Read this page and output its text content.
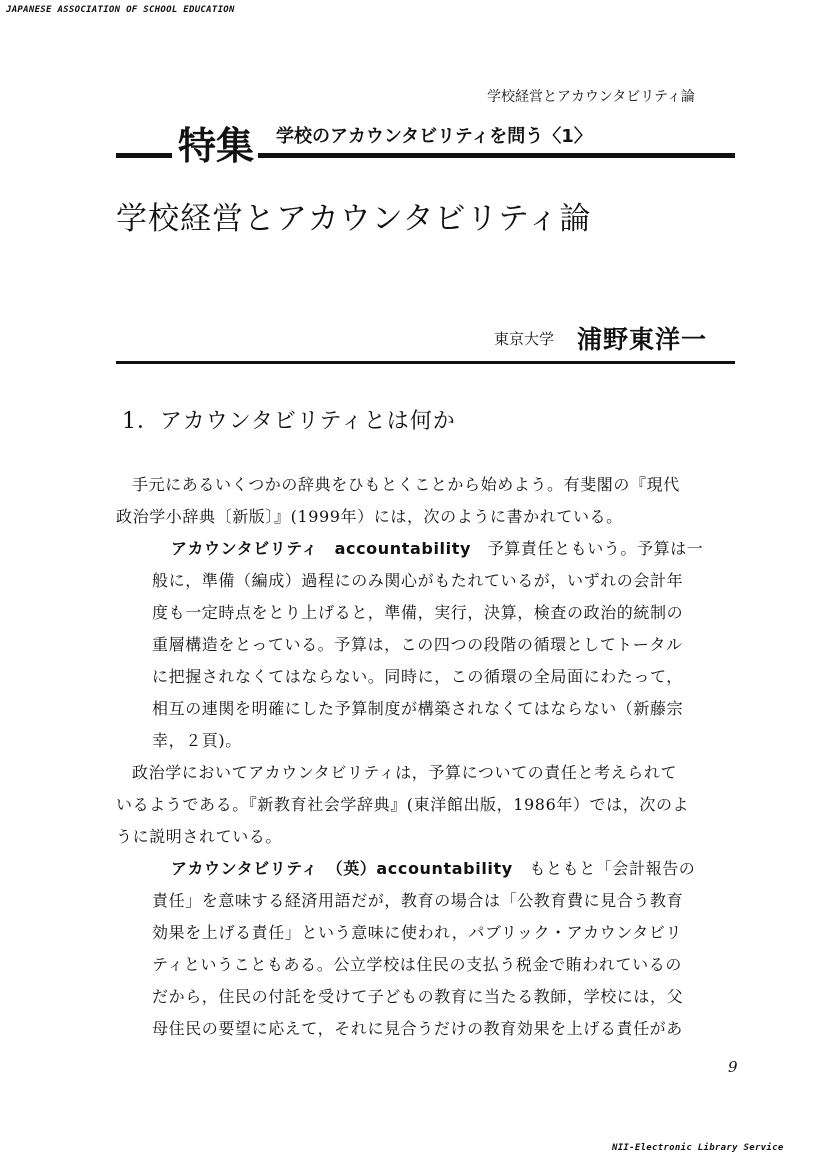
JAPANESE ASSOCIATION OF SCHOOL EDUCATION
学校経営とアカウンタビリティ論
特集 学校のアカウンタビリティを問う〈1〉
学校経営とアカウンタビリティ論
東京大学 浦野東洋一
1．アカウンタビリティとは何か
手元にあるいくつかの辞典をひもとくことから始めよう。有斐閣の『現代
政治学小辞典〔新版〕』(1999年）には，次のように書かれている。
アカウンタビリティ　accountability　 予算責任ともいう。予算は一
般に，準備（編成）過程にのみ関心がもたれているが，いずれの会計年
度も一定時点をとり上げると，準備，実行，決算，検査の政治的統制の
重層構造をとっている。予算は，この四つの段階の循環としてトータル
に把握されなくてはならない。同時に，この循環の全局面にわたって，
相互の連関を明確にした予算制度が構築されなくてはならない（新藤宗
幸，２頁)。
政治学においてアカウンタビリティは，予算についての責任と考えられて
いるようである。『新教育社会学辞典』(東洋館出版，1986年）では，次のよ
うに説明されている。
アカウンタビリティ　（英）accountability　 もともと「会計報告の
責任」を意味する経済用語だが，教育の場合は「公教育費に見合う教育
効果を上げる責任」という意味に使われ，パブリック・アカウンタビリ
ティということもある。公立学校は住民の支払う税金で賄われているの
だから，住民の付託を受けて子どもの教育に当たる教師，学校には，父
母住民の要望に応えて，それに見合うだけの教育効果を上げる責任があ
9
NII-Electronic Library Service
